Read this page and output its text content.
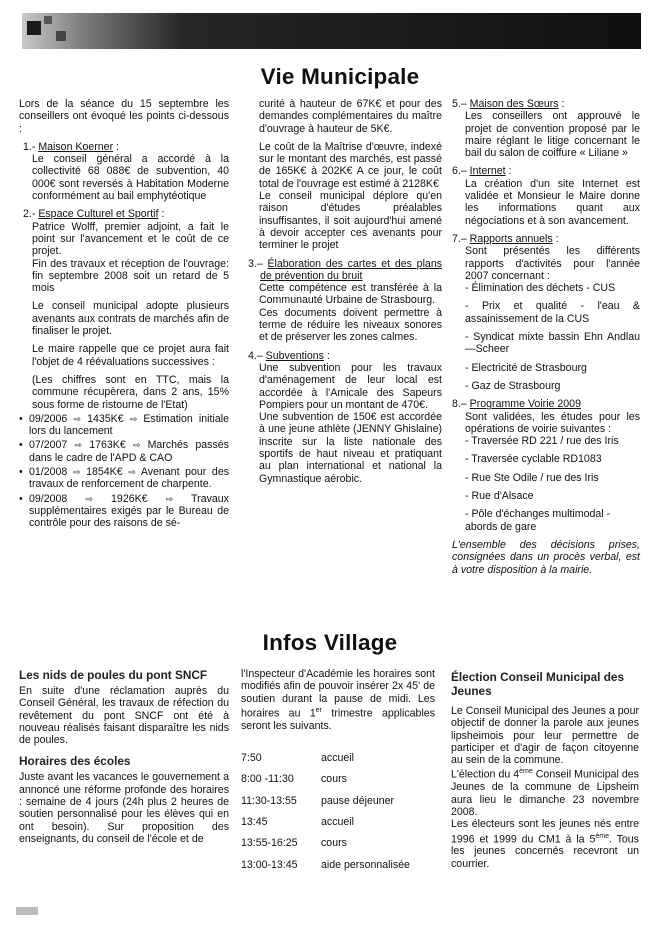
Vie Municipale

Lors de la séance du 15 septembre les conseillers ont évoqué les points ci-dessous :

1.- Maison Koerner :

Le conseil général a accordé à la collectivité 68 088€ de subvention, 40 000€ sont reversés à Habitation Moderne conformément au bail emphytéotique

2.- Espace Culturel et Sportif :

Patrice Wolff, premier adjoint, a fait le point sur l'avancement et le coût de ce projet.

Fin des travaux et réception de l'ouvrage: fin septembre 2008 soit un retard de 5 mois

Le conseil municipal adopte plusieurs avenants aux contrats de marchés afin de finaliser le projet.

Le maire rappelle que ce projet aura fait l'objet de 4 réévaluations successives :

(Les chiffres sont en TTC, mais la commune récupèrera, dans 2 ans, 15% sous forme de ristourne de l'Etat)

• 09/2006 ⇨ 1435K€ ⇨ Estimation initiale lors du lancement
• 07/2007 ⇨ 1763K€ ⇨ Marchés passés dans le cadre de l'APD & CAO
• 01/2008 ⇨ 1854K€ ⇨ Avenant pour des travaux de renforcement de charpente.
• 09/2008 ⇨ 1926K€ ⇨ Travaux supplémentaires exigés par le Bureau de contrôle pour des raisons de sé-

curité à hauteur de 67K€ et pour des demandes complémentaires du maître d'ouvrage à hauteur de 5K€.

Le coût de la Maîtrise d'œuvre, indexé sur le montant des marchés, est passé de 165K€ à 202K€ A ce jour, le coût total de l'ouvrage est estimé à 2128K€

Le conseil municipal déplore qu'en raison d'études préalables insuffisantes, il soit aujourd'hui amené à devoir accepter ces avenants pour terminer le projet

3.– Élaboration des cartes et des plans de prévention du bruit

Cette compétence est transférée à la Communauté Urbaine de Strasbourg.

Ces documents doivent permettre à terme de réduire les niveaux sonores et de préserver les zones calmes.

4.– Subventions :

Une subvention pour les travaux d'aménagement de leur local est accordée à l'Amicale des Sapeurs Pompiers pour un montant de 470€.

Une subvention de 150€ est accordée à une jeune athlète (JENNY Ghislaine) inscrite sur la liste nationale des sportifs de haut niveau et pratiquant au plan international et national la Gymnastique aérobic.

5.– Maison des Sœurs :

Les conseillers ont approuvé le projet de convention proposé par le maire réglant le litige concernant le bail du salon de coiffure « Liliane »

6.– Internet :

La création d'un site Internet est validée et Monsieur le Maire donne les informations quant aux négociations et à son avancement.

7.– Rapports annuels :

Sont présentés les différents rapports d'activités pour l'année 2007 concernant :

- Élimination des déchets - CUS

- Prix et qualité - l'eau & assainissement de la CUS

- Syndicat mixte bassin Ehn Andlau—Scheer

- Electricité de Strasbourg

- Gaz de Strasbourg

8.– Programme Voirie 2009

Sont validées, les études pour les opérations de voirie suivantes :

- Traversée RD 221 / rue des Iris

- Traversée cyclable RD1083

- Rue Ste Odile / rue des Iris

- Rue d'Alsace

- Pôle d'échanges multimodal - abords de gare

L'ensemble des décisions prises, consignées dans un procès verbal, est à votre disposition à la mairie.

Infos Village
Les nids de poules du pont SNCF

En suite d'une réclamation auprès du Conseil Général, les travaux de réfection du revêtement du pont SNCF ont été à nouveau réalisés faisant disparaître les nids de poules.

Horaires des écoles

Juste avant les vacances le gouvernement a annoncé une réforme profonde des horaires : semaine de 4 jours (24h plus 2 heures de soutien personnalisé pour les élèves qui en ont besoin). Sur proposition des enseignants, du conseil de l'école et de

l'Inspecteur d'Académie les horaires sont modifiés afin de pouvoir insérer 2x 45' de soutien durant la pause de midi. Les horaires au 1er trimestre applicables seront les suivants.

7:50	accueil
8:00 -11:30	cours
11:30-13:55	pause déjeuner
13:45	accueil
13:55-16:25	cours
13:00-13:45	aide personnalisée
Élection Conseil Municipal des Jeunes

Le Conseil Municipal des Jeunes a pour objectif de donner la parole aux jeunes lipsheimois pour leur permettre de participer et d'agir de façon citoyenne au sein de la commune.

L'élection du 4ème Conseil Municipal des Jeunes de la commune de Lipsheim aura lieu le dimanche 23 novembre 2008.

Les électeurs sont les jeunes nés entre 1996 et 1999 du CM1 à la 5ème. Tous les jeunes concernés recevront un courrier.
